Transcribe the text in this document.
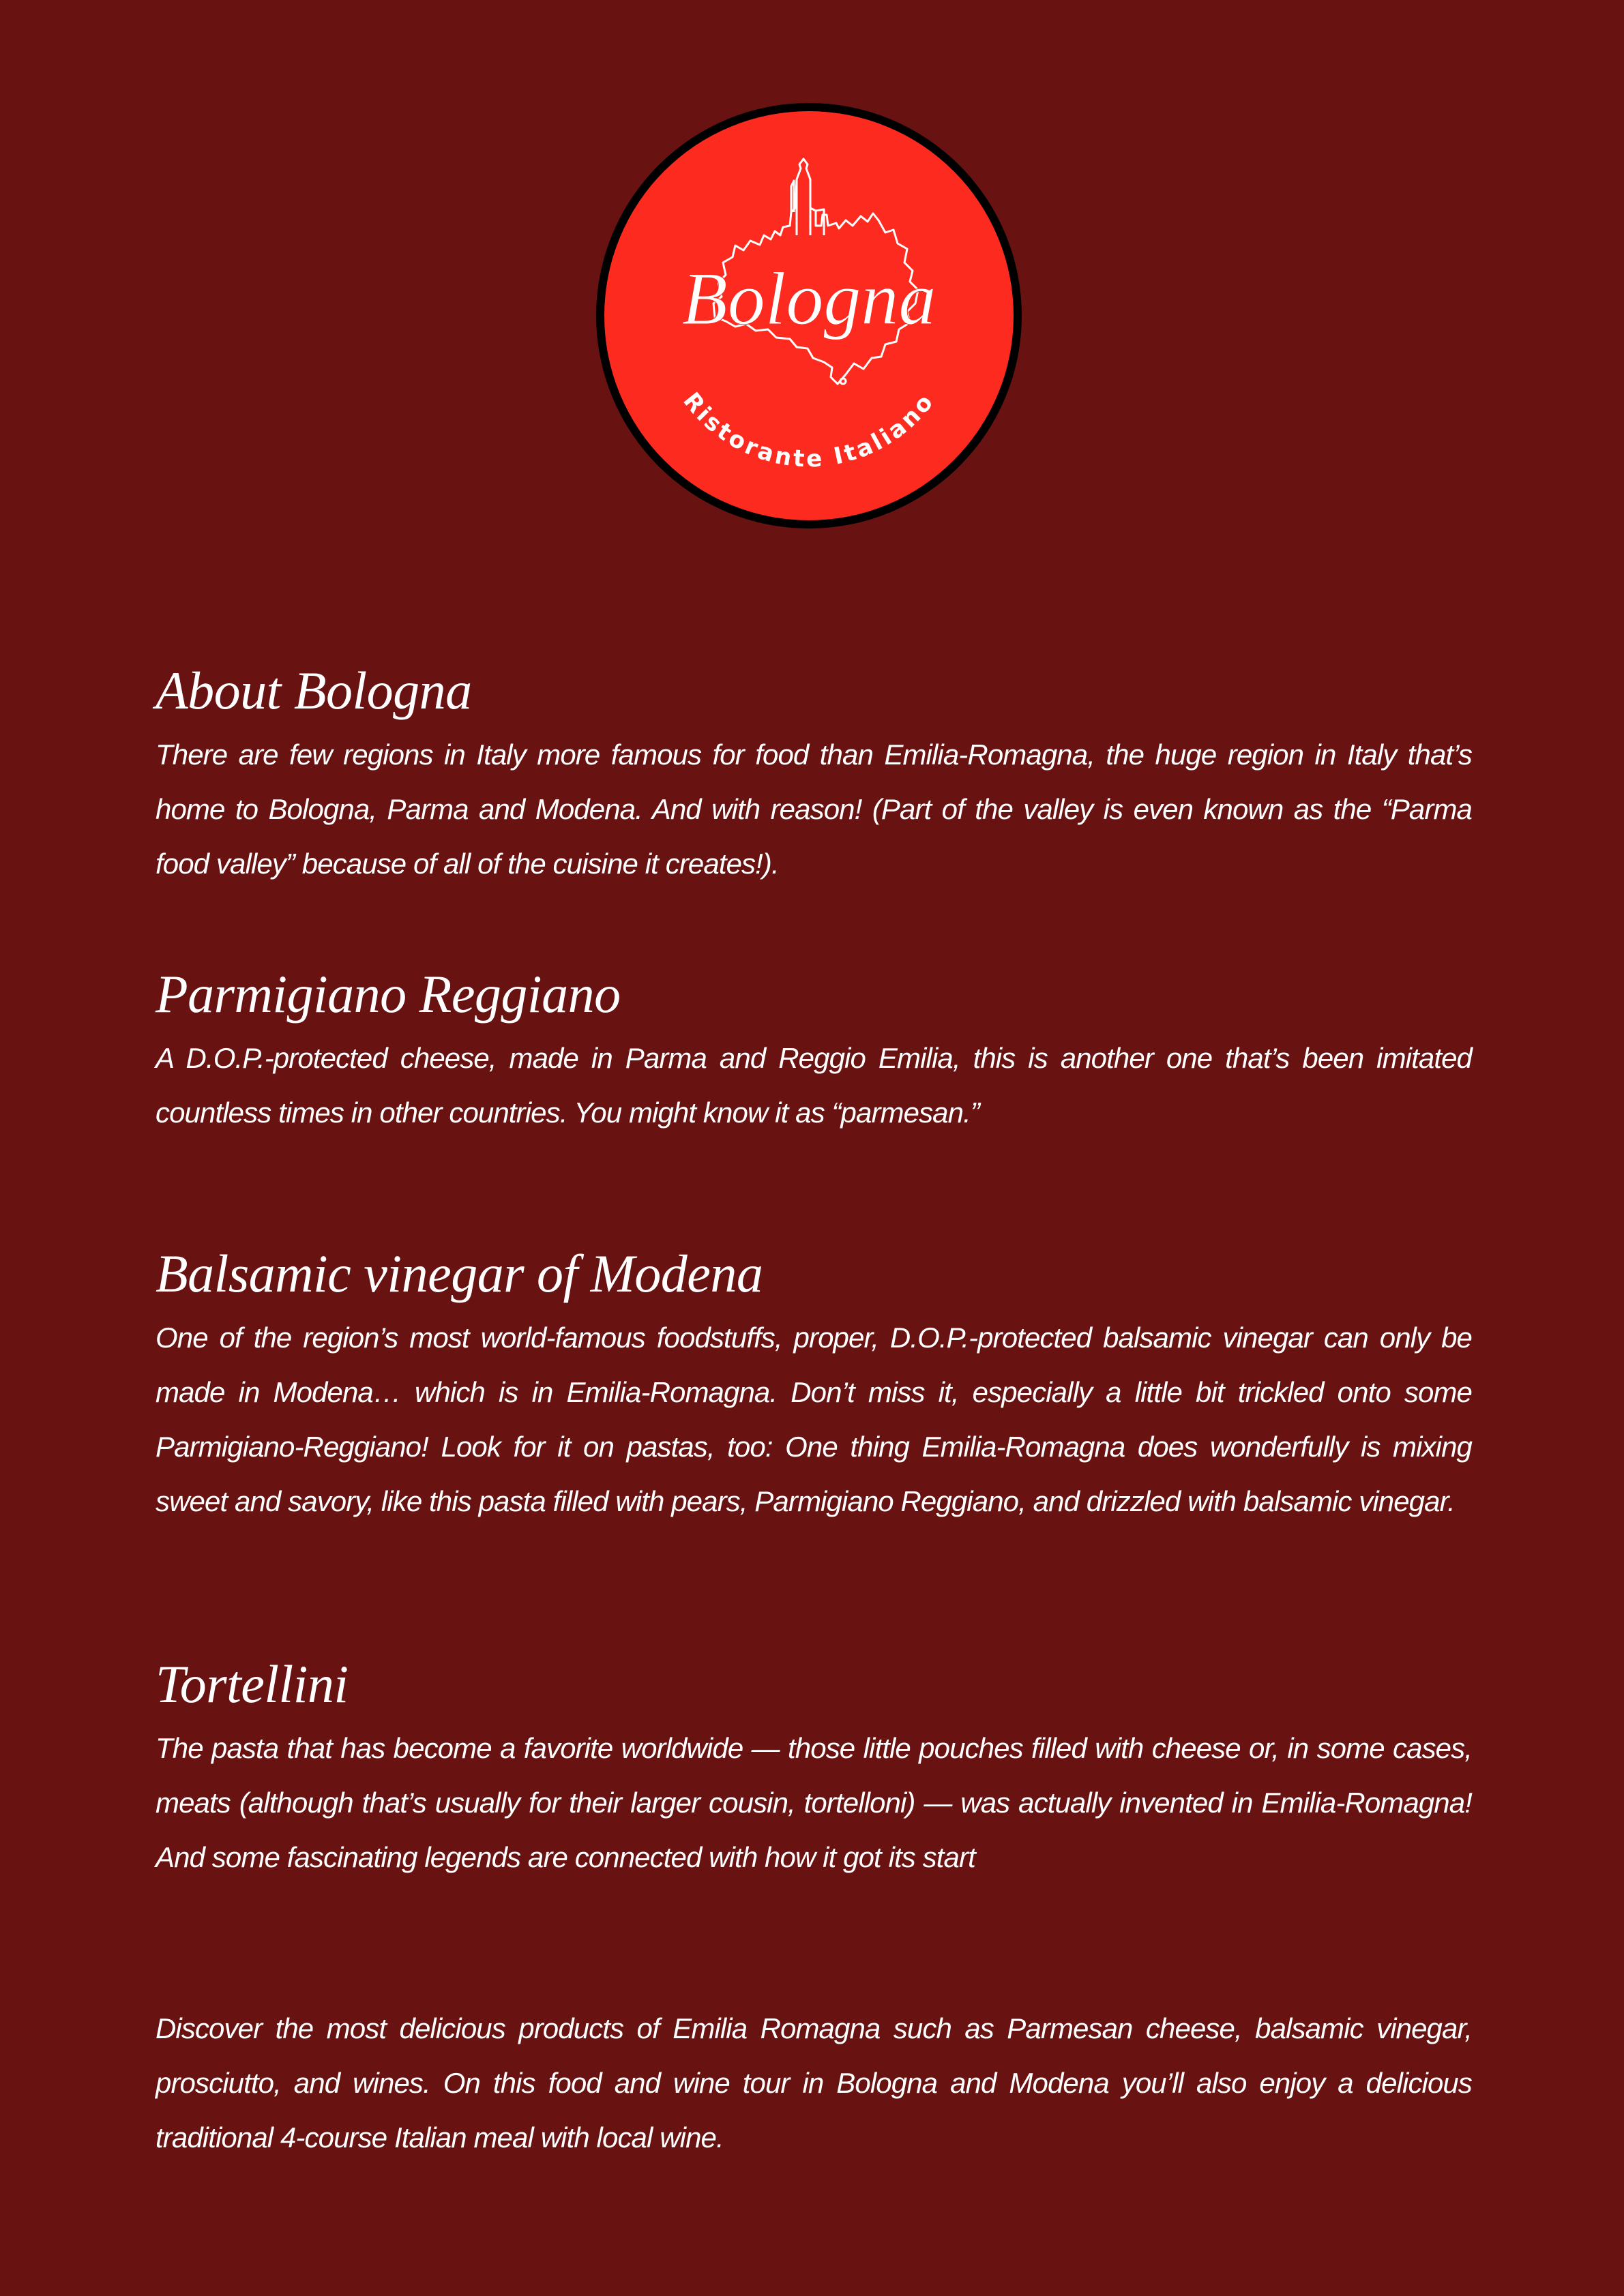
Bologna
Ristorante Italiano
About Bologna

There are few regions in Italy more famous for food than Emilia-Romagna, the huge region in Italy that’s home to Bologna, Parma and Modena. And with reason! (Part of the valley is even known as the “Parma food valley” because of all of the cuisine it creates!).

Parmigiano Reggiano

A D.O.P.-protected cheese, made in Parma and Reggio Emilia, this is another one that’s been imitated countless times in other countries. You might know it as “parmesan.”

Balsamic vinegar of Modena

One of the region’s most world-famous foodstuffs, proper, D.O.P.-protected balsamic vinegar can only be made in Modena… which is in Emilia-Romagna. Don’t miss it, especially a little bit trickled onto some Parmigiano-Reggiano! Look for it on pastas, too: One thing Emilia-Romagna does wonderfully is mixing sweet and savory, like this pasta filled with pears, Parmigiano Reggiano, and drizzled with balsamic vinegar.

Tortellini

The pasta that has become a favorite worldwide — those little pouches filled with cheese or, in some cases, meats (although that’s usually for their larger cousin, tortelloni) — was actually invented in Emilia-Romagna! And some fascinating legends are connected with how it got its start

Discover the most delicious products of Emilia Romagna such as Parmesan cheese, balsamic vinegar, prosciutto, and wines. On this food and wine tour in Bologna and Modena you’ll also enjoy a delicious traditional 4-course Italian meal with local wine.
